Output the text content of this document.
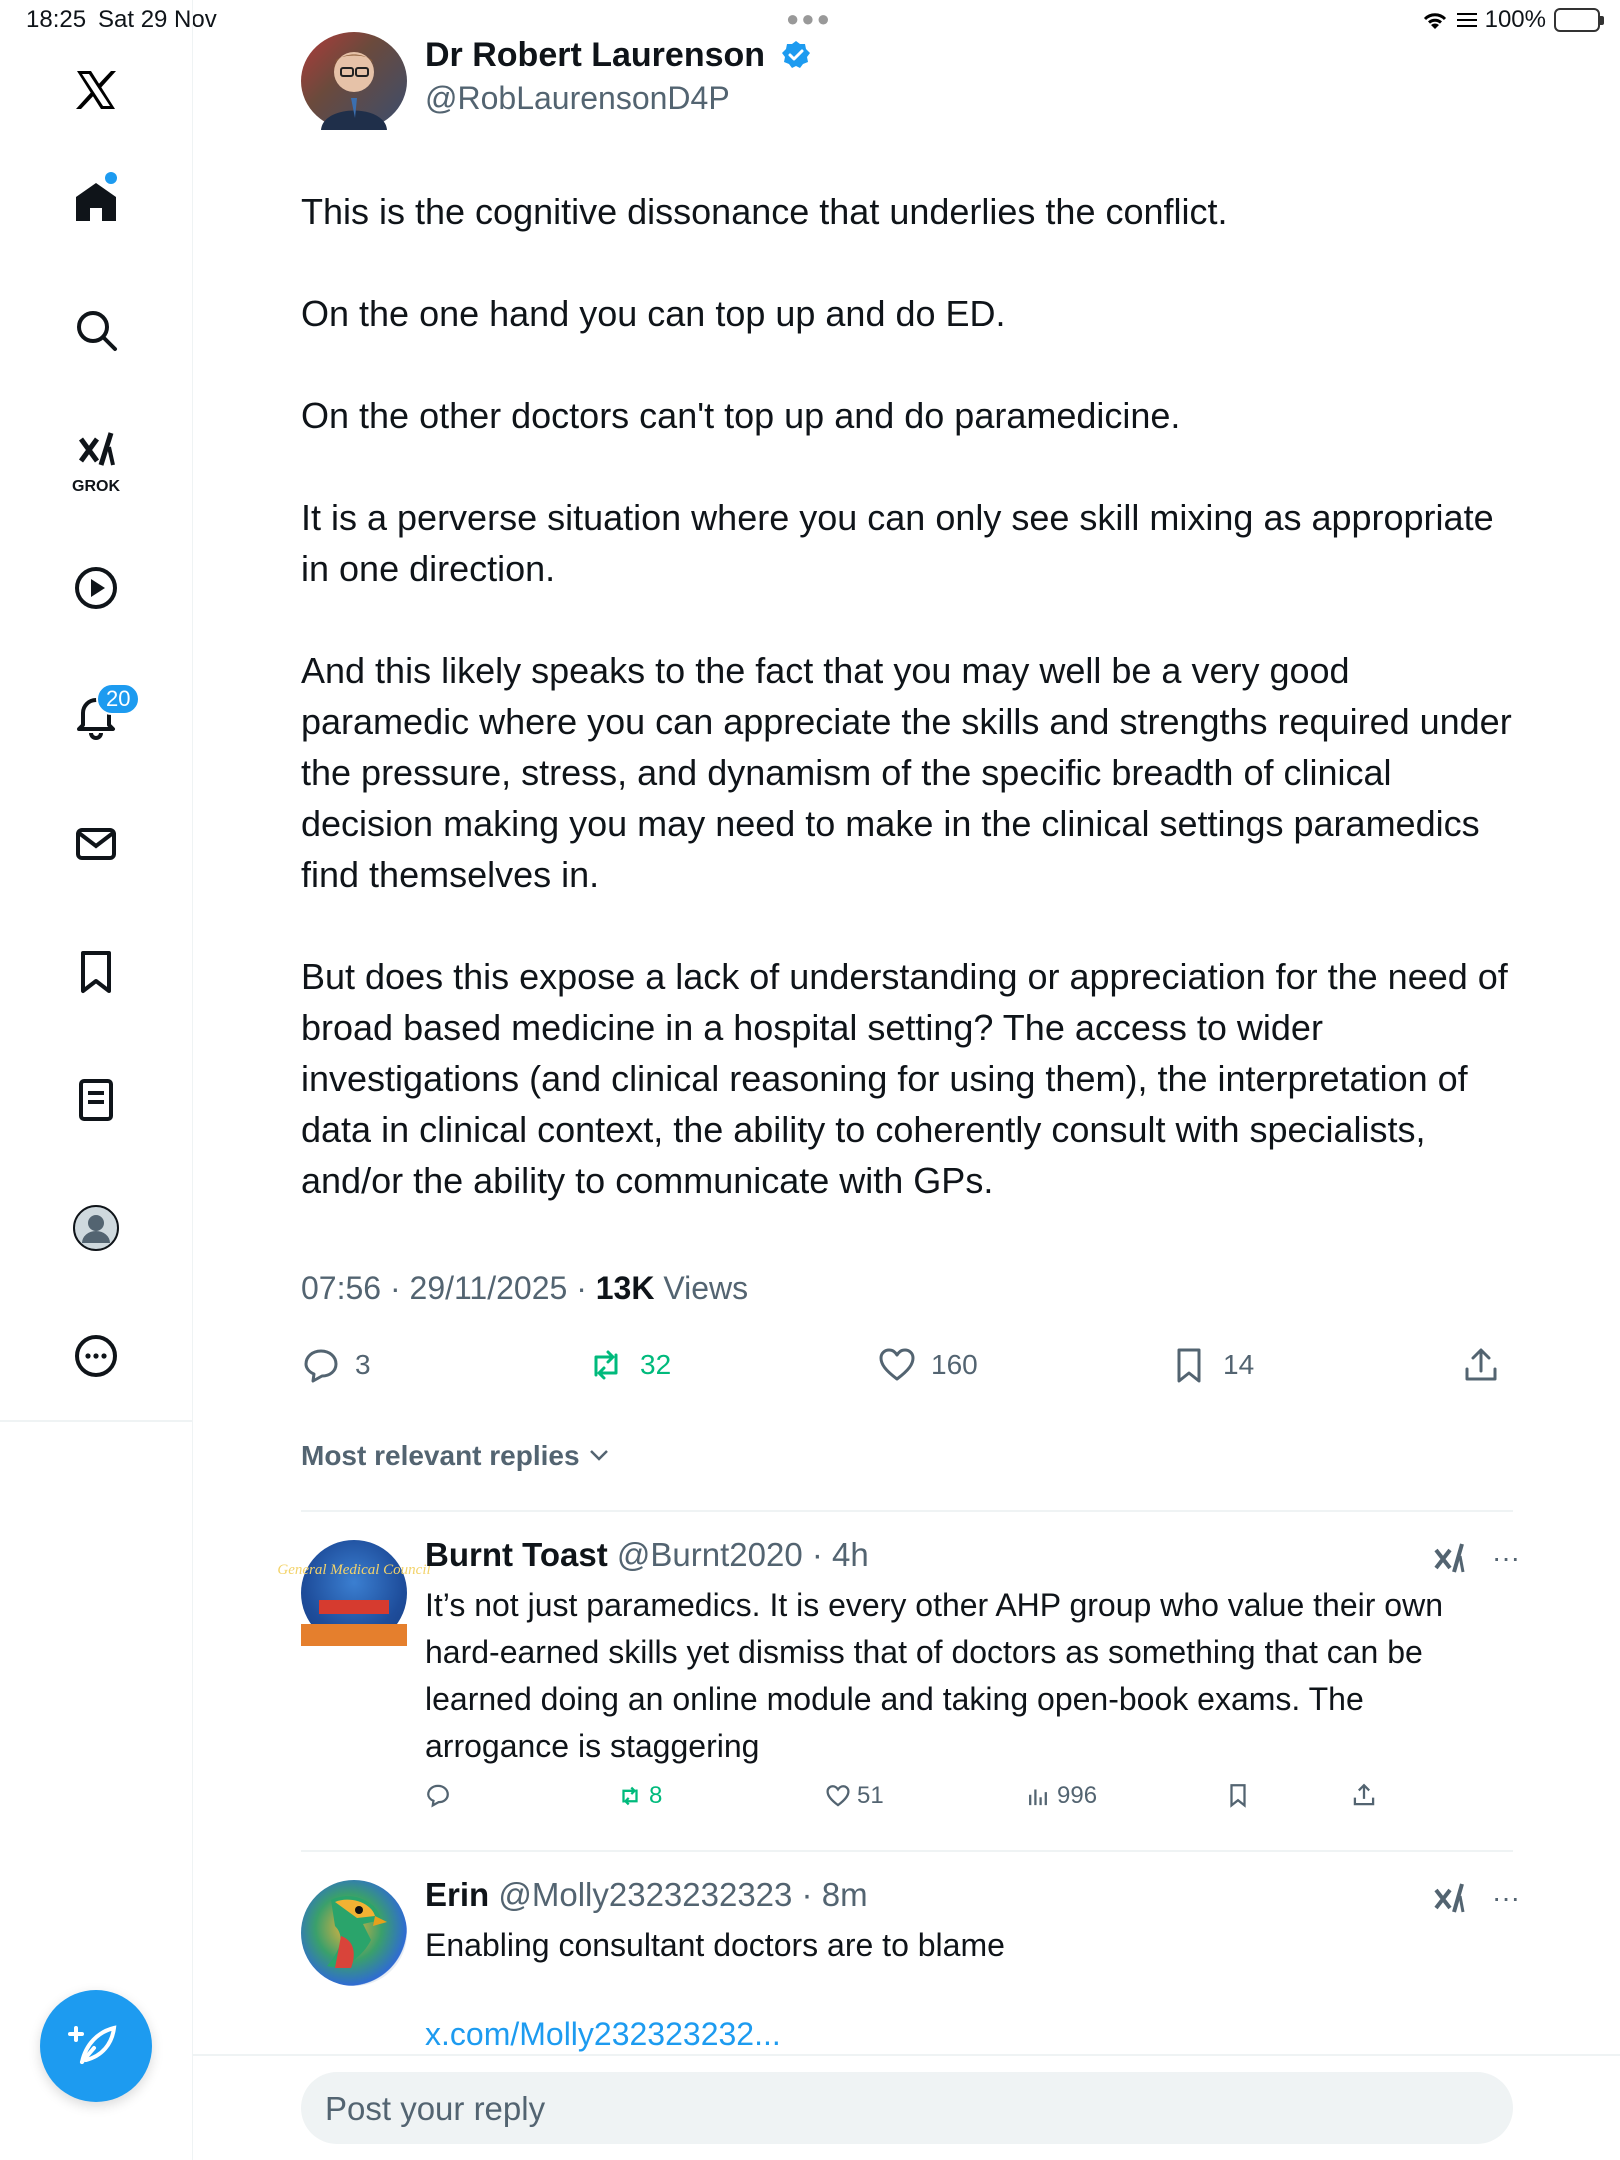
18:25 Sat 29 Nov	●●●	100%
GROK
20
Dr Robert Laurenson
@RobLaurensonD4P

This is the cognitive dissonance that underlies the conflict.

On the one hand you can top up and do ED.

On the other doctors can't top up and do paramedicine.

It is a perverse situation where you can only see skill mixing as appropriate in one direction.

And this likely speaks to the fact that you may well be a very good paramedic where you can appreciate the skills and strengths required under the pressure, stress, and dynamism of the specific breadth of clinical decision making you may need to make in the clinical settings paramedics find themselves in.

But does this expose a lack of understanding or appreciation for the need of broad based medicine in a hospital setting? The access to wider investigations (and clinical reasoning for using them), the interpretation of data in clinical context, the ability to coherently consult with specialists, and/or the ability to communicate with GPs.

07:56 · 29/11/2025 · 13K Views
3	32	160	14
Most relevant replies
General Medical Council
Burnt Toast @Burnt2020 · 4h	···
It’s not just paramedics. It is every other AHP group who value their own hard-earned skills yet dismiss that of doctors as something that can be learned doing an online module and taking open-book exams. The arrogance is staggering
8	51	996
Erin @Molly2323232323 · 8m	···
Enabling consultant doctors are to blame
x.com/Molly232323232...
Post your reply
